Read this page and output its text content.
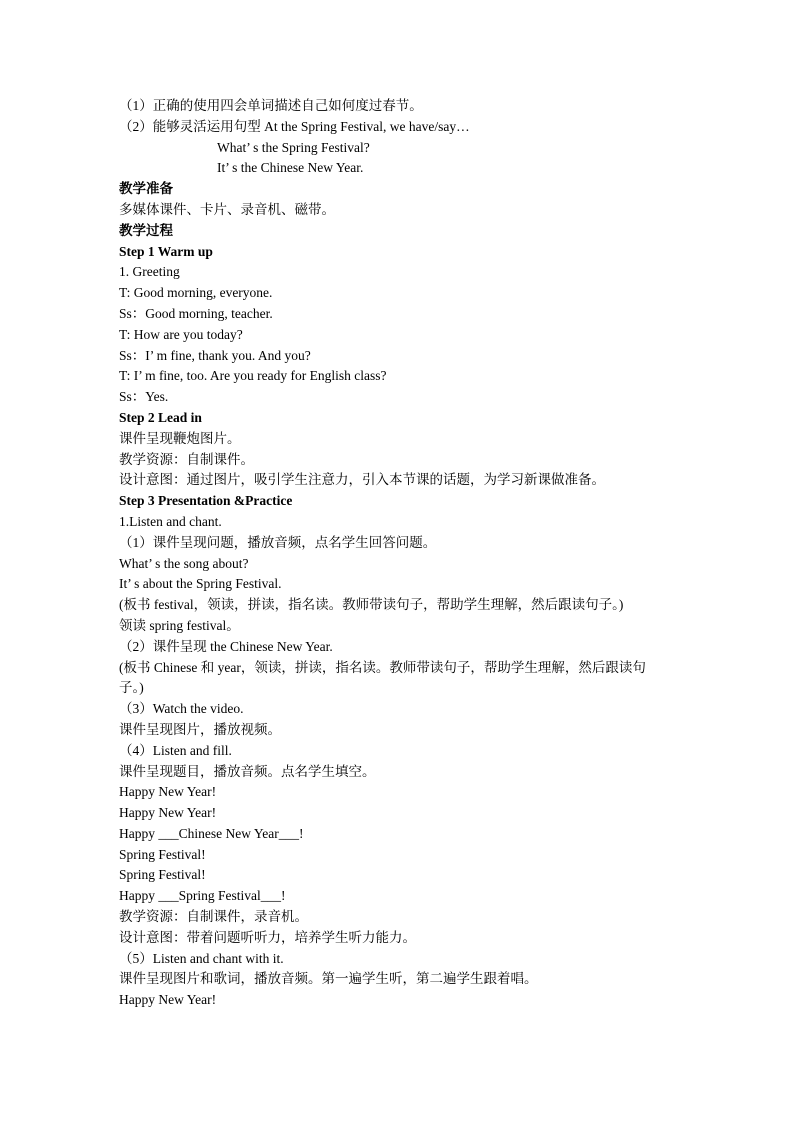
（1）正确的使用四会单词描述自己如何度过春节。
（2）能够灵活运用句型 At the Spring Festival, we have/say…
What’ s the Spring Festival?
It’ s the Chinese New Year.
教学准备
多媒体课件、卡片、录音机、磁带。
教学过程
Step 1 Warm up
1. Greeting
T: Good morning, everyone.
Ss：Good morning, teacher.
T: How are you today?
Ss：I’ m fine, thank you. And you?
T: I’ m fine, too. Are you ready for English class?
Ss：Yes.
Step 2 Lead in
课件呈现鞭炮图片。
教学资源：自制课件。
设计意图：通过图片，吸引学生注意力，引入本节课的话题，为学习新课做准备。
Step 3 Presentation &Practice
1.Listen and chant.
（1）课件呈现问题，播放音频，点名学生回答问题。
What’ s the song about?
It’ s about the Spring Festival.
(板书 festival，领读，拼读，指名读。教师带读句子，帮助学生理解，然后跟读句子。)
领读 spring festival。
（2）课件呈现 the Chinese New Year.
(板书 Chinese 和 year，领读，拼读，指名读。教师带读句子，帮助学生理解，然后跟读句
子。)
（3）Watch the video.
课件呈现图片，播放视频。
（4）Listen and fill.
课件呈现题目，播放音频。点名学生填空。
Happy New Year!
Happy New Year!
Happy ___Chinese New Year___!
Spring Festival!
Spring Festival!
Happy ___Spring Festival___!
教学资源：自制课件，录音机。
设计意图：带着问题听听力，培养学生听力能力。
（5）Listen and chant with it.
课件呈现图片和歌词，播放音频。第一遍学生听，第二遍学生跟着唱。
Happy New Year!
